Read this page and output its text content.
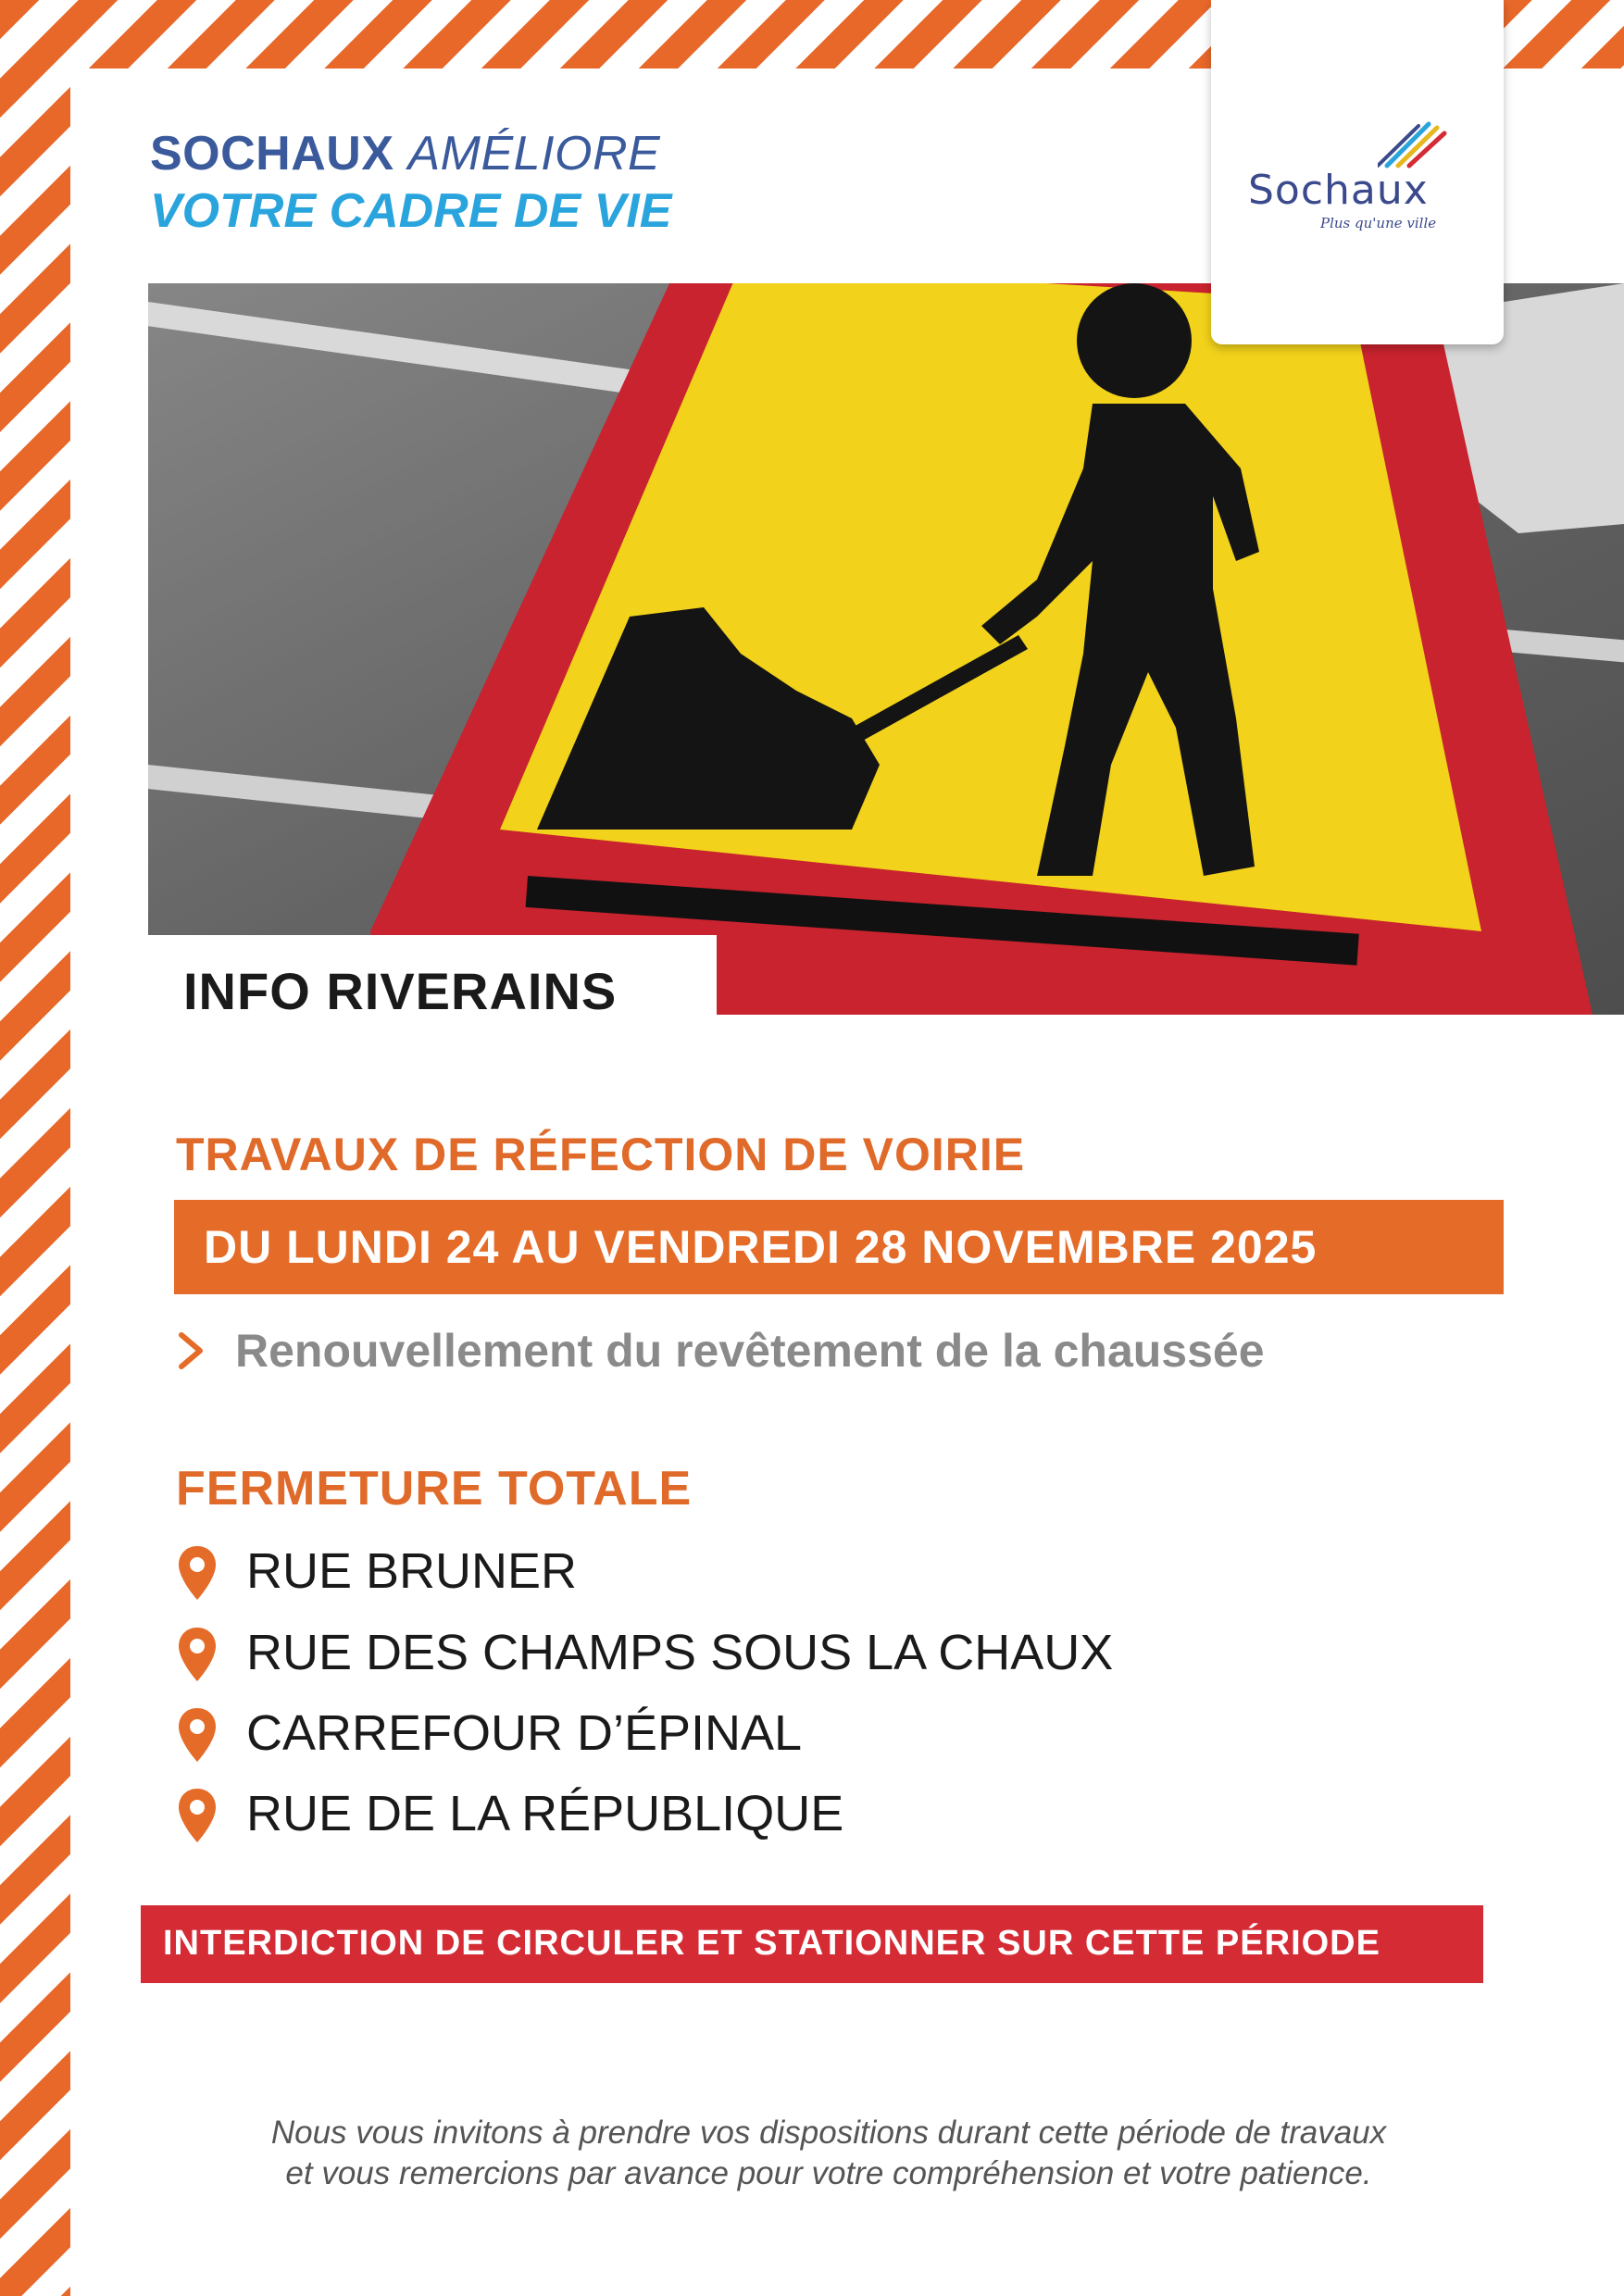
SOCHAUX AMÉLIORE
VOTRE CADRE DE VIE	Sochaux
Plus qu'une ville
INFO RIVERAINS
TRAVAUX DE RÉFECTION DE VOIRIE
DU LUNDI 24 AU VENDREDI 28 NOVEMBRE 2025
Renouvellement du revêtement de la chaussée
FERMETURE TOTALE
RUE BRUNER
RUE DES CHAMPS SOUS LA CHAUX
CARREFOUR D’ÉPINAL
RUE DE LA RÉPUBLIQUE
INTERDICTION DE CIRCULER ET STATIONNER SUR CETTE PÉRIODE
Nous vous invitons à prendre vos dispositions durant cette période de travaux
et vous remercions par avance pour votre compréhension et votre patience.
